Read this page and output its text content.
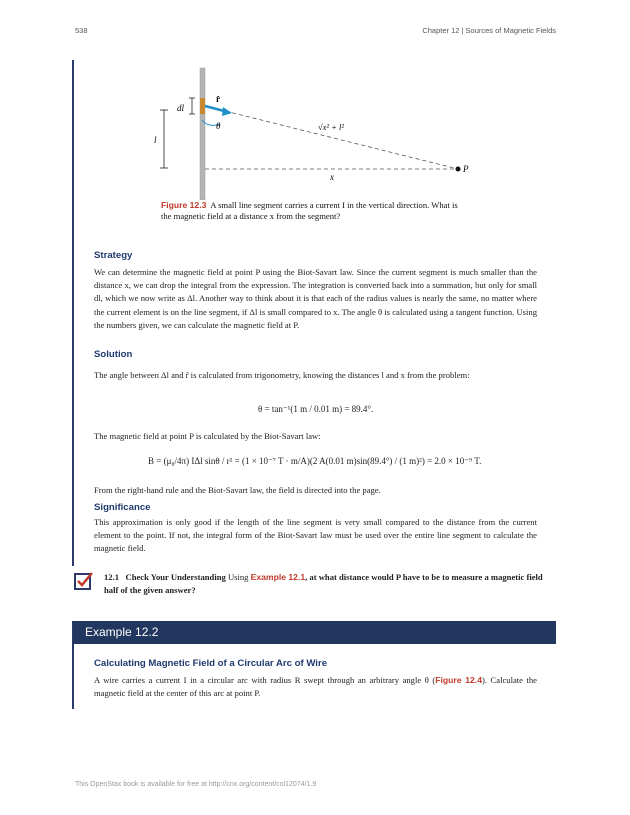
538	Chapter 12 | Sources of Magnetic Fields
dl
r̂
θ
l
√x² + l²
x
P
Figure 12.3 A small line segment carries a current I in the vertical direction. What is the magnetic field at a distance x from the segment?
Strategy
We can determine the magnetic field at point P using the Biot-Savart law. Since the current segment is much smaller than the distance x, we can drop the integral from the expression. The integration is converted back into a summation, but only for small dl, which we now write as Δl. Another way to think about it is that each of the radius values is nearly the same, no matter where the current element is on the line segment, if Δl is small compared to x. The angle θ is calculated using a tangent function. Using the numbers given, we can calculate the magnetic field at P.
Solution
The angle between Δl and r̂ is calculated from trigonometry, knowing the distances l and x from the problem:
θ = tan⁻¹(1 m / 0.01 m) = 89.4°.
The magnetic field at point P is calculated by the Biot-Savart law:
B = (μ₀/4π) IΔl sinθ / r² = (1 × 10⁻⁷ T · m/A)(2 A(0.01 m)sin(89.4°) / (1 m)²) = 2.0 × 10⁻⁹ T.
From the right-hand rule and the Biot-Savart law, the field is directed into the page.
Significance
This approximation is only good if the length of the line segment is very small compared to the distance from the current element to the point. If not, the integral form of the Biot-Savart law must be used over the entire line segment to calculate the magnetic field.
12.1 Check Your Understanding Using Example 12.1, at what distance would P have to be to measure a magnetic field half of the given answer?
Example 12.2
Calculating Magnetic Field of a Circular Arc of Wire
A wire carries a current I in a circular arc with radius R swept through an arbitrary angle θ (Figure 12.4). Calculate the magnetic field at the center of this arc at point P.
This OpenStax book is available for free at http://cnx.org/content/col12074/1.9
